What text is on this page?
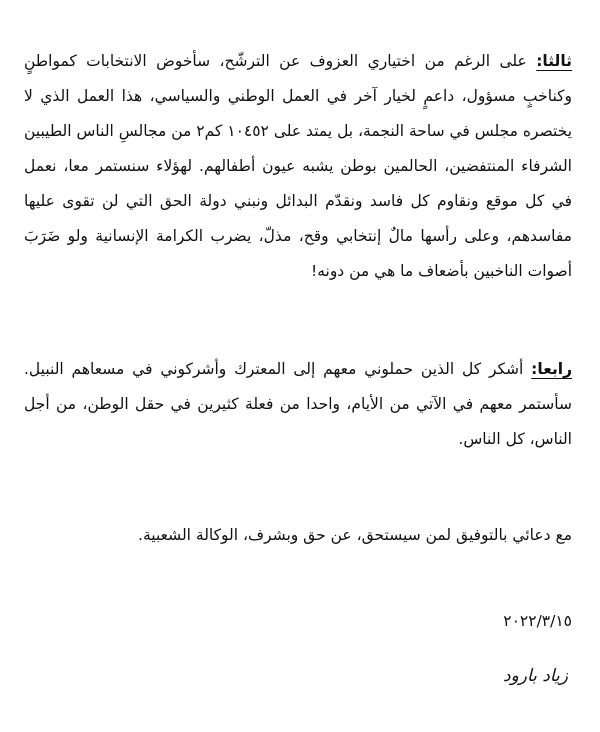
ثالثا: على الرغم من اختياري العزوف عن الترشّح، سأخوض الانتخابات كمواطنٍ وكناخبٍ مسؤول، داعمٍ لخيار آخر في العمل الوطني والسياسي، هذا العمل الذي لا يختصره مجلس في ساحة النجمة، بل يمتد على ١٠٤٥٢ كم٢ من مجالسِ الناس الطيبين الشرفاء المنتفضين، الحالمين بوطن يشبه عيون أطفالهم. لهؤلاء سنستمر معا، نعمل في كل موقع ونقاوم كل فاسد ونقدّم البدائل ونبني دولة الحق التي لن تقوى عليها مفاسدهم، وعلى رأسها مالٌ إنتخابي وقح، مذلّ، يضرب الكرامة الإنسانية ولو ضَرَبَ أصوات الناخبين بأضعاف ما هي من دونه!

رابعا: أشكر كل الذين حملوني معهم إلى المعترك وأشركوني في مسعاهم النبيل. سأستمر معهم في الآتي من الأيام، واحدا من فعلة كثيرين في حقل الوطن، من أجل الناس، كل الناس.

مع دعائي بالتوفيق لمن سيستحق، عن حق وبشرف، الوكالة الشعبية.

٢٠٢٢/٣/١٥
زياد بارود
